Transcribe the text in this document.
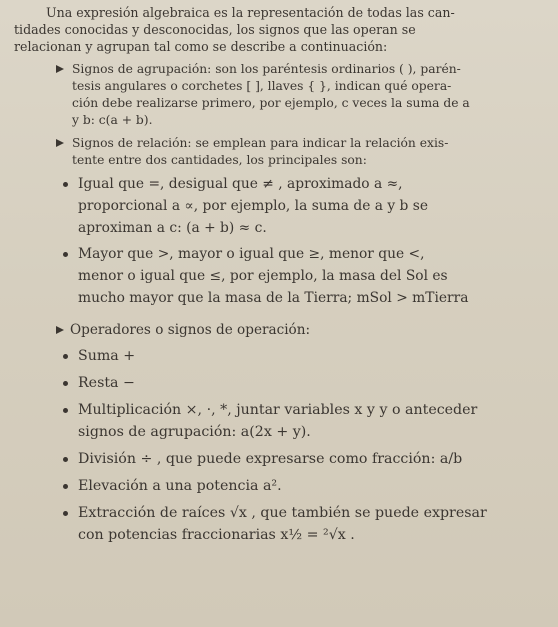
Una expresión algebraica es la representación de todas las can-

tidades conocidas y desconocidas, los signos que las operan se

relacionan y agrupan tal como se describe a continuación:

Signos de agrupación: son los paréntesis ordinarios ( ), parén-

tesis angulares o corchetes [ ], llaves { }, indican qué opera-

ción debe realizarse primero, por ejemplo, c veces la suma de a

y b: c(a + b).

Signos de relación: se emplean para indicar la relación exis-

tente entre dos cantidades, los principales son:

Igual que =, desigual que ≠ , aproximado a ≈,

proporcional a ∝, por ejemplo, la suma de a y b se

aproximan a c: (a + b) ≈ c.

Mayor que >, mayor o igual que ≥, menor que <,

menor o igual que ≤, por ejemplo, la masa del Sol es

mucho mayor que la masa de la Tierra; mSol > mTierra

Operadores o signos de operación:

Suma +

Resta −

Multiplicación ×, ·, *, juntar variables x y y o anteceder

signos de agrupación: a(2x + y).

División ÷ , que puede expresarse como fracción: a/b

Elevación a una potencia a².

Extracción de raíces √x , que también se puede expresar

con potencias fraccionarias x½ = ²√x .
